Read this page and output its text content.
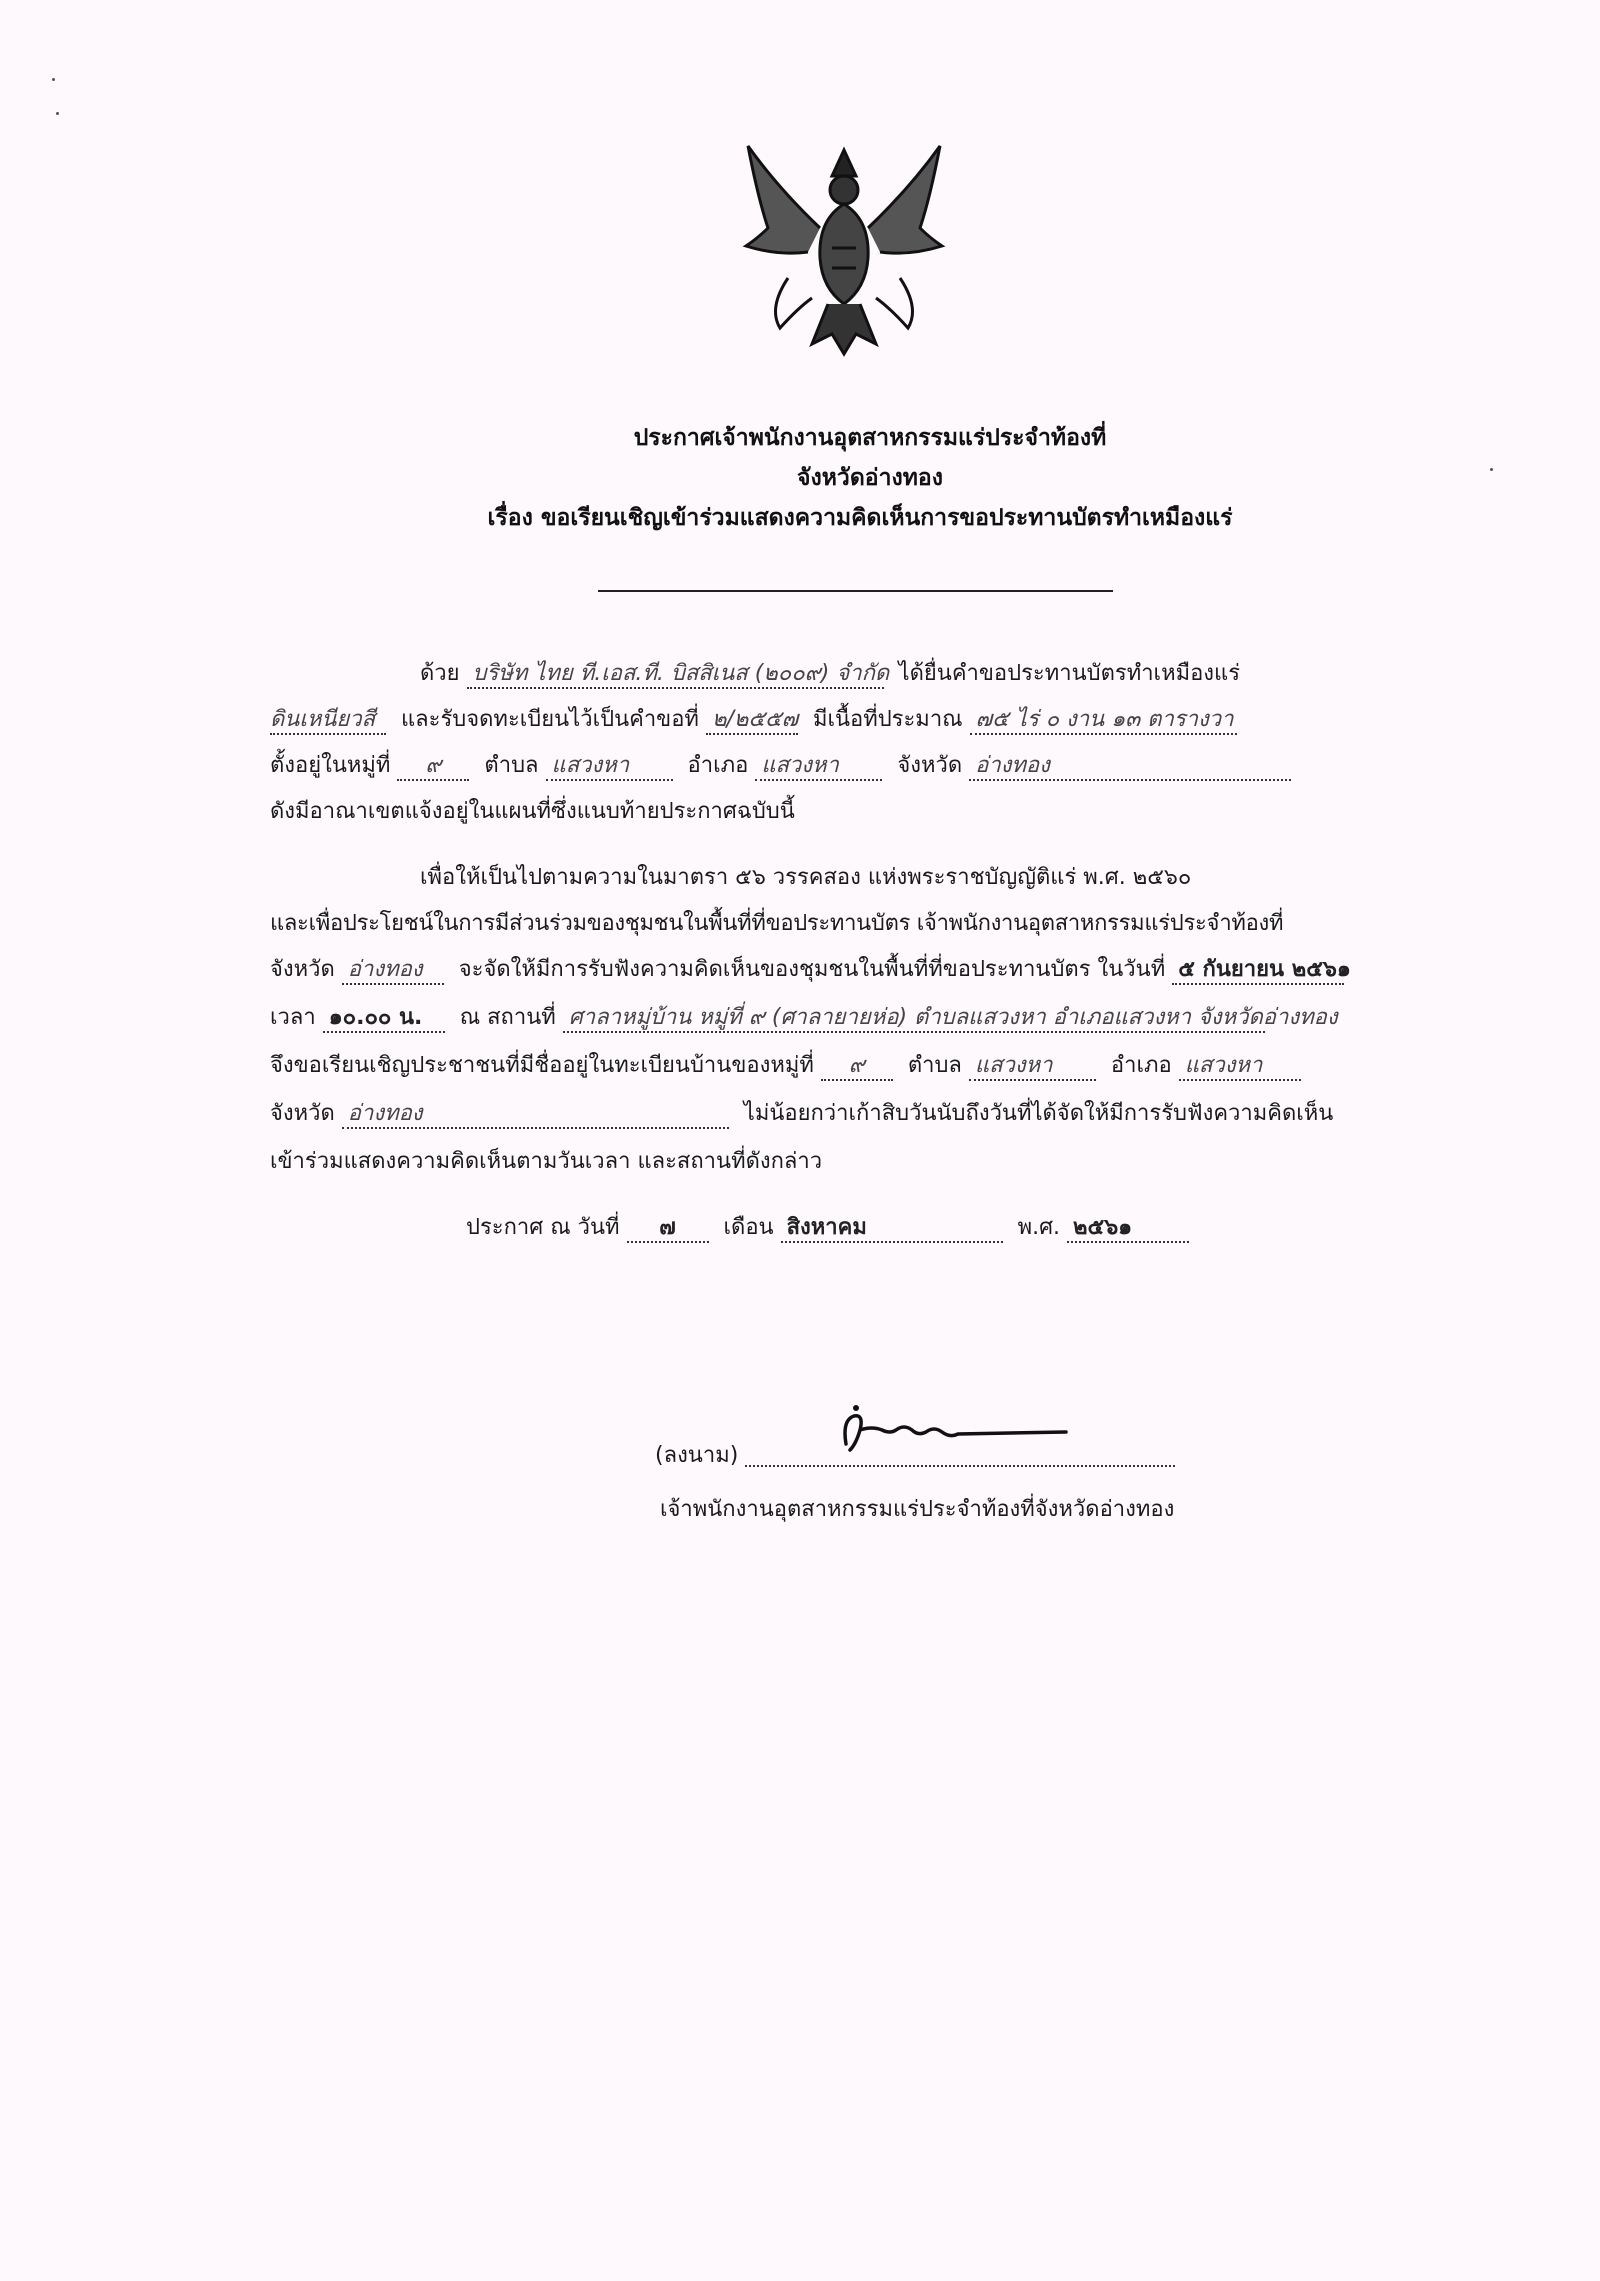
ประกาศเจ้าพนักงานอุตสาหกรรมแร่ประจำท้องที่
จังหวัดอ่างทอง
เรื่อง ขอเรียนเชิญเข้าร่วมแสดงความคิดเห็นการขอประทานบัตรทำเหมืองแร่
ด้วย บริษัท ไทย ที.เอส.ที. บิสสิเนส (๒๐๐๙) จำกัด ได้ยื่นคำขอประทานบัตรทำเหมืองแร่
ดินเหนียวสี และรับจดทะเบียนไว้เป็นคำขอที่ ๒/๒๕๕๗ มีเนื้อที่ประมาณ ๗๕ ไร่ ๐ งาน ๑๓ ตารางวา
ตั้งอยู่ในหมู่ที่ ๙ ตำบล แสวงหา	อำเภอ แสวงหา	จังหวัด อ่างทอง
ดังมีอาณาเขตแจ้งอยู่ในแผนที่ซึ่งแนบท้ายประกาศฉบับนี้
เพื่อให้เป็นไปตามความในมาตรา ๕๖ วรรคสอง แห่งพระราชบัญญัติแร่ พ.ศ. ๒๕๖๐
และเพื่อประโยชน์ในการมีส่วนร่วมของชุมชนในพื้นที่ที่ขอประทานบัตร เจ้าพนักงานอุตสาหกรรมแร่ประจำท้องที่
จังหวัด อ่างทอง จะจัดให้มีการรับฟังความคิดเห็นของชุมชนในพื้นที่ที่ขอประทานบัตร ในวันที่ ๕ กันยายน ๒๕๖๑
เวลา ๑๐.๐๐ น. ณ สถานที่ ศาลาหมู่บ้าน หมู่ที่ ๙ (ศาลายายห่อ) ตำบลแสวงหา อำเภอแสวงหา จังหวัดอ่างทอง
จึงขอเรียนเชิญประชาชนที่มีชื่ออยู่ในทะเบียนบ้านของหมู่ที่ ๙ ตำบล แสวงหา	อำเภอ แสวงหา
จังหวัด อ่างทอง	ไม่น้อยกว่าเก้าสิบวันนับถึงวันที่ได้จัดให้มีการรับฟังความคิดเห็น
เข้าร่วมแสดงความคิดเห็นตามวันเวลา และสถานที่ดังกล่าว
ประกาศ ณ วันที่ ๗ เดือน สิงหาคม	พ.ศ. ๒๕๖๑
(ลงนาม)
เจ้าพนักงานอุตสาหกรรมแร่ประจำท้องที่จังหวัดอ่างทอง
